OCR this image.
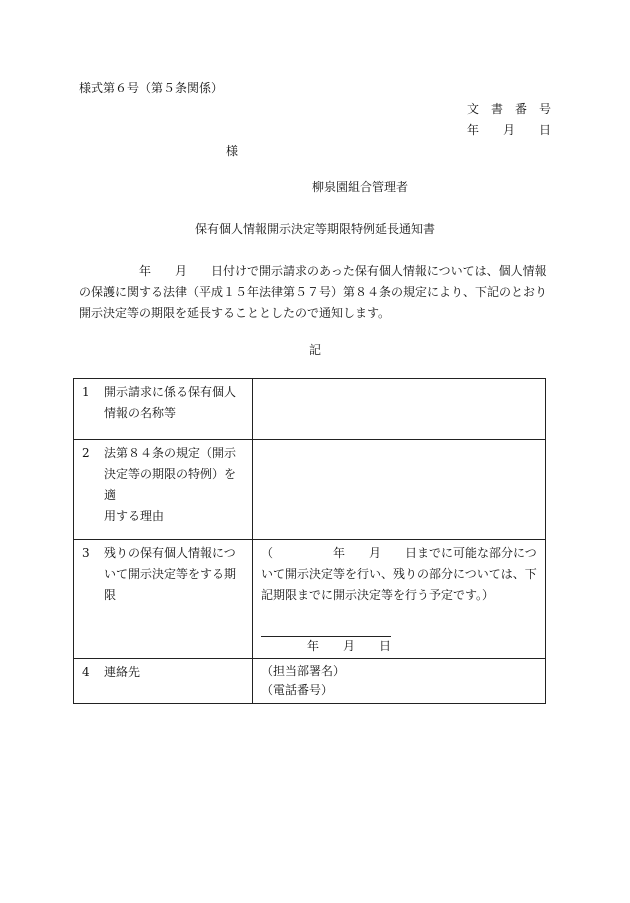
様式第６号（第５条関係）
文　書　番　号
年　　月　　日
様
柳泉園組合管理者
保有個人情報開示決定等期限特例延長通知書
　　　　　年　　月　　日付けで開示請求のあった保有個人情報については、個人情報
の保護に関する法律（平成１５年法律第５７号）第８４条の規定により、下記のとおり
開示決定等の期限を延長することとしたので通知します。
記
1 開示請求に係る保有個人
情報の名称等	

2 法第８４条の規定（開示
決定等の期限の特例）を適
用する理由	

3 残りの保有個人情報につ
いて開示決定等をする期限	（　　　　　年　　月　　日までに可能な部分につ
いて開示決定等を行い、残りの部分については、下
記期限までに開示決定等を行う予定です。）
年　　月　　日

4 連絡先	（担当部署名）
（電話番号）
